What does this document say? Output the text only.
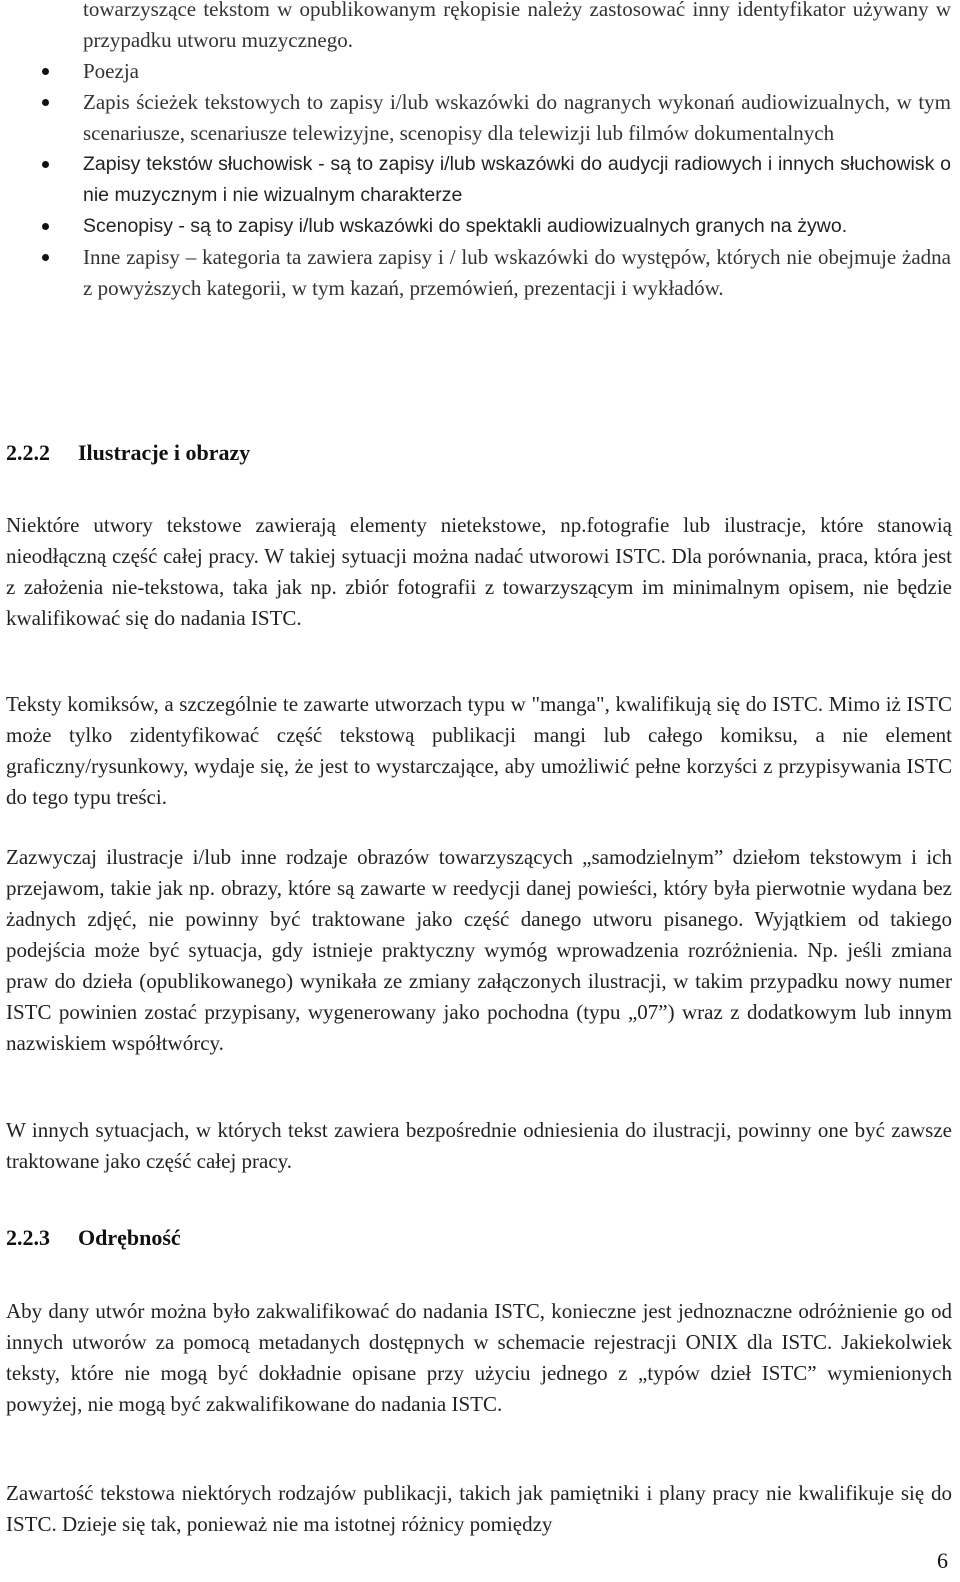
towarzyszące tekstom w opublikowanym rękopisie należy zastosować inny identyfikator używany w przypadku utworu muzycznego.

Poezja
Zapis ścieżek tekstowych to zapisy i/lub wskazówki do nagranych wykonań audiowizualnych, w tym scenariusze, scenariusze telewizyjne, scenopisy dla telewizji lub filmów dokumentalnych
Zapisy tekstów słuchowisk - są to zapisy i/lub wskazówki do audycji radiowych i innych słuchowisk o nie muzycznym i nie wizualnym charakterze
Scenopisy - są to zapisy i/lub wskazówki do spektakli audiowizualnych granych na żywo.
Inne zapisy – kategoria ta zawiera zapisy i / lub wskazówki do występów, których nie obejmuje żadna z powyższych kategorii, w tym kazań, przemówień, prezentacji i wykładów.
2.2.2 Ilustracje i obrazy

Niektóre utwory tekstowe zawierają elementy nietekstowe, np.fotografie lub ilustracje, które stanowią nieodłączną część całej pracy. W takiej sytuacji można nadać utworowi ISTC. Dla porównania, praca, która jest z założenia nie-tekstowa, taka jak np. zbiór fotografii z towarzyszącym im minimalnym opisem, nie będzie kwalifikować się do nadania ISTC.

Teksty komiksów, a szczególnie te zawarte utworzach typu w "manga", kwalifikują się do ISTC. Mimo iż ISTC może tylko zidentyfikować część tekstową publikacji mangi lub całego komiksu, a nie element graficzny/rysunkowy, wydaje się, że jest to wystarczające, aby umożliwić pełne korzyści z przypisywania ISTC do tego typu treści.

Zazwyczaj ilustracje i/lub inne rodzaje obrazów towarzyszących „samodzielnym” dziełom tekstowym i ich przejawom, takie jak np. obrazy, które są zawarte w reedycji danej powieści, który była pierwotnie wydana bez żadnych zdjęć, nie powinny być traktowane jako część danego utworu pisanego. Wyjątkiem od takiego podejścia może być sytuacja, gdy istnieje praktyczny wymóg wprowadzenia rozróżnienia. Np. jeśli zmiana praw do dzieła (opublikowanego) wynikała ze zmiany załączonych ilustracji, w takim przypadku nowy numer ISTC powinien zostać przypisany, wygenerowany jako pochodna (typu „07”) wraz z dodatkowym lub innym nazwiskiem współtwórcy.

W innych sytuacjach, w których tekst zawiera bezpośrednie odniesienia do ilustracji, powinny one być zawsze traktowane jako część całej pracy.

2.2.3 Odrębność

Aby dany utwór można było zakwalifikować do nadania ISTC, konieczne jest jednoznaczne odróżnienie go od innych utworów za pomocą metadanych dostępnych w schemacie rejestracji ONIX dla ISTC. Jakiekolwiek teksty, które nie mogą być dokładnie opisane przy użyciu jednego z „typów dzieł ISTC” wymienionych powyżej, nie mogą być zakwalifikowane do nadania ISTC.

Zawartość tekstowa niektórych rodzajów publikacji, takich jak pamiętniki i plany pracy nie kwalifikuje się do ISTC. Dzieje się tak, ponieważ nie ma istotnej różnicy pomiędzy

6
